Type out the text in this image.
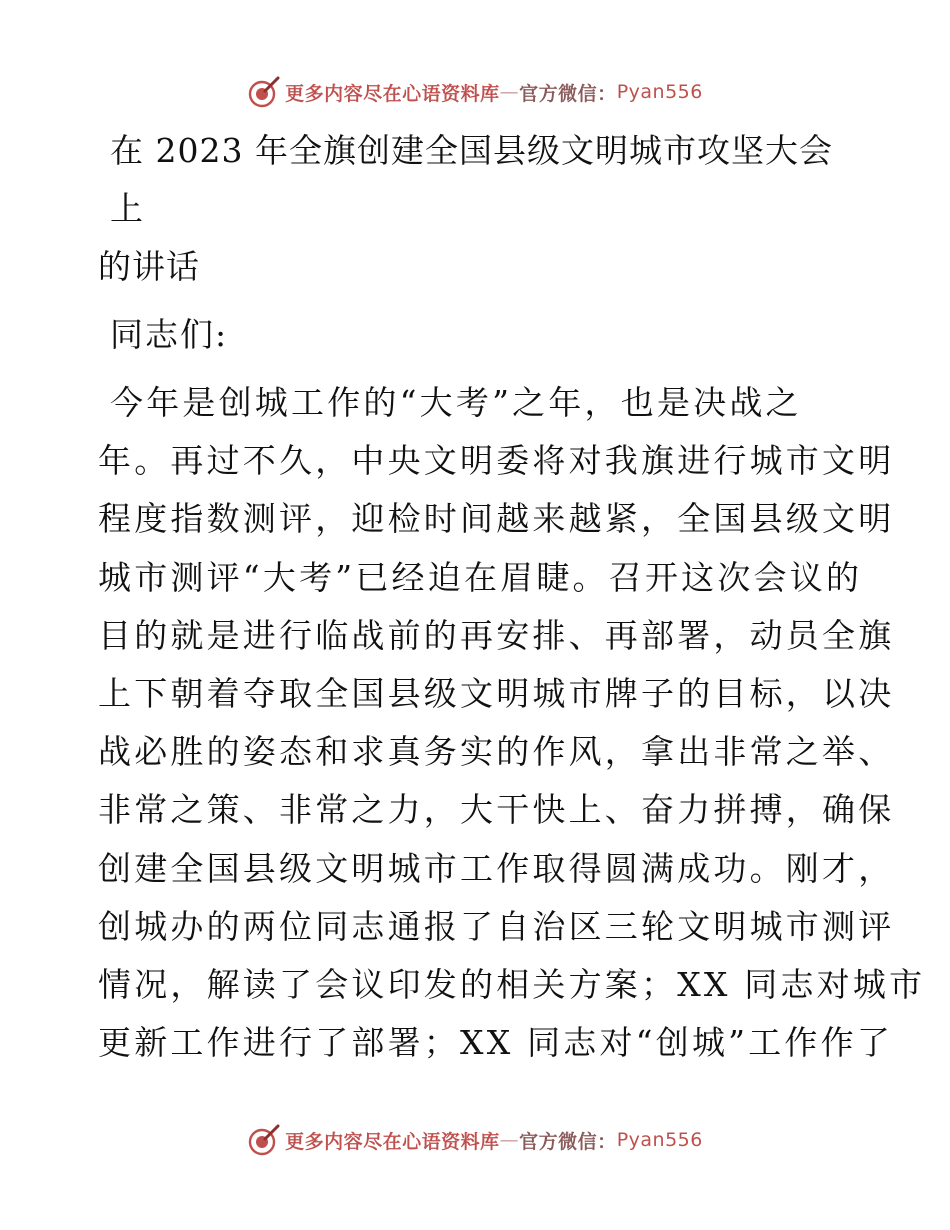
更多内容尽在心语资料库 — 官方微信： Pyan556
在 2023 年全旗创建全国县级文明城市攻坚大会上
的讲话

同志们:

今年是创城工作的“大考”之年，也是决战之

年。再过不久，中央文明委将对我旗进行城市文明

程度指数测评，迎检时间越来越紧，全国县级文明

城市测评“大考”已经迫在眉睫。召开这次会议的

目的就是进行临战前的再安排、再部署，动员全旗

上下朝着夺取全国县级文明城市牌子的目标，以决

战必胜的姿态和求真务实的作风，拿出非常之举、

非常之策、非常之力，大干快上、奋力拼搏，确保

创建全国县级文明城市工作取得圆满成功。刚才，

创城办的两位同志通报了自治区三轮文明城市测评

情况，解读了会议印发的相关方案；XX 同志对城市

更新工作进行了部署；XX 同志对“创城”工作作了

更多内容尽在心语资料库 — 官方微信： Pyan556
